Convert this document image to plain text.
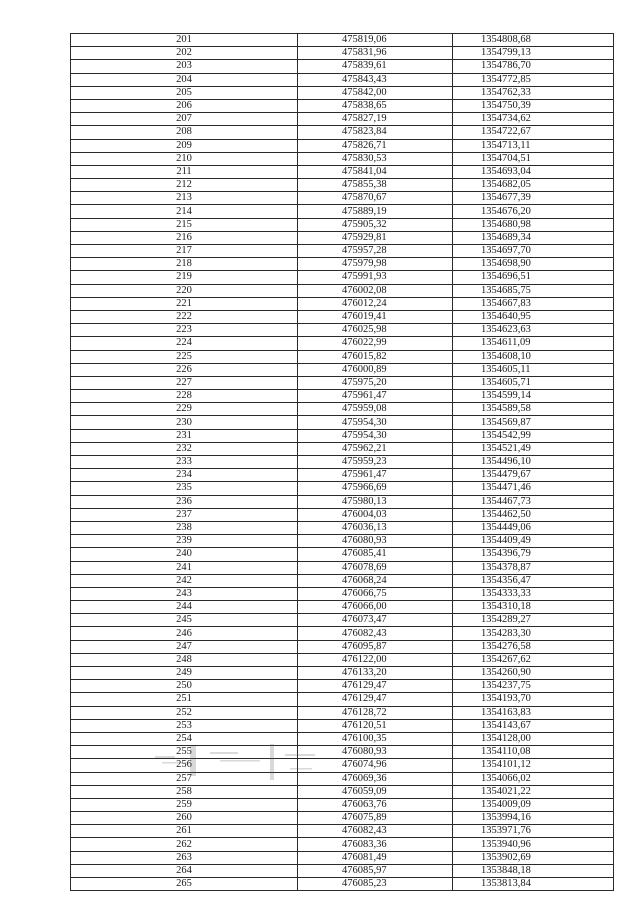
201	475819,06	1354808,68
202	475831,96	1354799,13
203	475839,61	1354786,70
204	475843,43	1354772,85
205	475842,00	1354762,33
206	475838,65	1354750,39
207	475827,19	1354734,62
208	475823,84	1354722,67
209	475826,71	1354713,11
210	475830,53	1354704,51
211	475841,04	1354693,04
212	475855,38	1354682,05
213	475870,67	1354677,39
214	475889,19	1354676,20
215	475905,32	1354680,98
216	475929,81	1354689,34
217	475957,28	1354697,70
218	475979,98	1354698,90
219	475991,93	1354696,51
220	476002,08	1354685,75
221	476012,24	1354667,83
222	476019,41	1354640,95
223	476025,98	1354623,63
224	476022,99	1354611,09
225	476015,82	1354608,10
226	476000,89	1354605,11
227	475975,20	1354605,71
228	475961,47	1354599,14
229	475959,08	1354589,58
230	475954,30	1354569,87
231	475954,30	1354542,99
232	475962,21	1354521,49
233	475959,23	1354496,10
234	475961,47	1354479,67
235	475966,69	1354471,46
236	475980,13	1354467,73
237	476004,03	1354462,50
238	476036,13	1354449,06
239	476080,93	1354409,49
240	476085,41	1354396,79
241	476078,69	1354378,87
242	476068,24	1354356,47
243	476066,75	1354333,33
244	476066,00	1354310,18
245	476073,47	1354289,27
246	476082,43	1354283,30
247	476095,87	1354276,58
248	476122,00	1354267,62
249	476133,20	1354260,90
250	476129,47	1354237,75
251	476129,47	1354193,70
252	476128,72	1354163,83
253	476120,51	1354143,67
254	476100,35	1354128,00
255	476080,93	1354110,08
256	476074,96	1354101,12
257	476069,36	1354066,02
258	476059,09	1354021,22
259	476063,76	1354009,09
260	476075,89	1353994,16
261	476082,43	1353971,76
262	476083,36	1353940,96
263	476081,49	1353902,69
264	476085,97	1353848,18
265	476085,23	1353813,84
